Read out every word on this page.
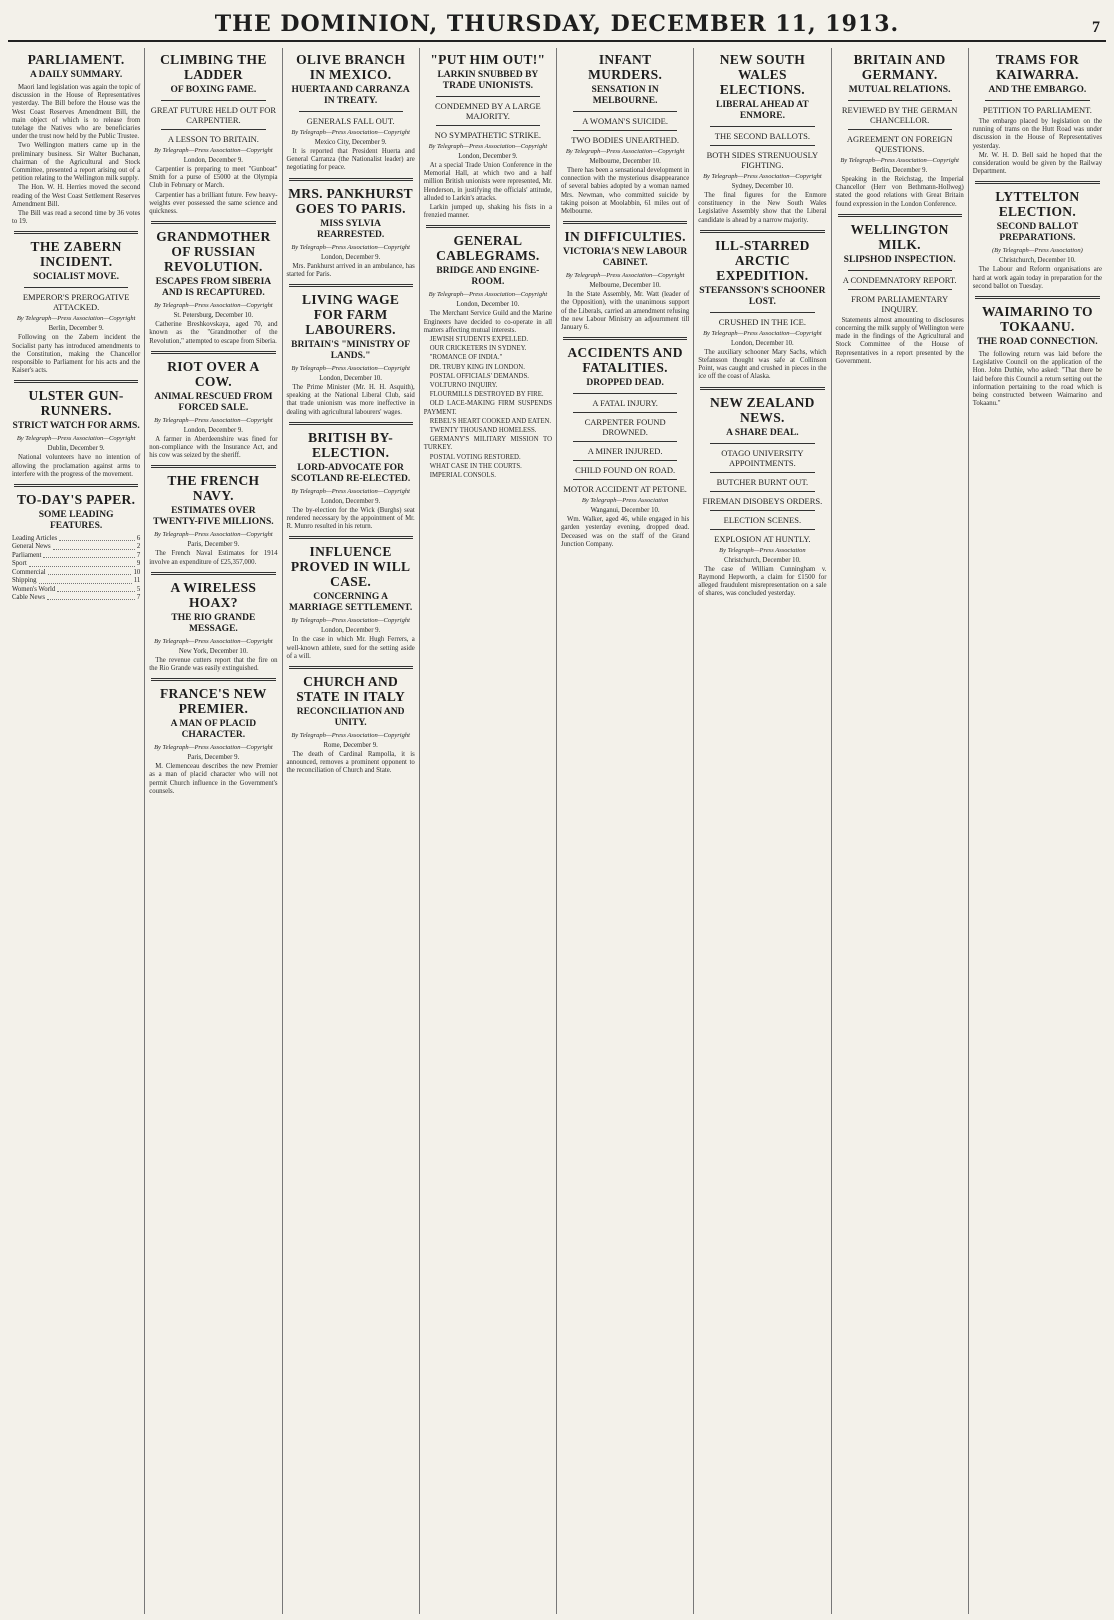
THE DOMINION, THURSDAY, DECEMBER 11, 1913.	7
PARLIAMENT.
A DAILY SUMMARY.

Maori land legislation was again the topic of discussion in the House of Representatives yesterday. The Bill before the House was the West Coast Reserves Amendment Bill, the main object of which is to release from tutelage the Natives who are beneficiaries under the trust now held by the Public Trustee.

Two Wellington matters came up in the preliminary business. Sir Walter Buchanan, chairman of the Agricultural and Stock Committee, presented a report arising out of a petition relating to the Wellington milk supply.

The Hon. W. H. Herries moved the second reading of the West Coast Settlement Reserves Amendment Bill.

The Bill was read a second time by 36 votes to 19.

THE ZABERN INCIDENT.
SOCIALIST MOVE.
EMPEROR'S PREROGATIVE ATTACKED.
By Telegraph—Press Association—Copyright
Berlin, December 9.

Following on the Zabern incident the Socialist party has introduced amendments to the Constitution, making the Chancellor responsible to Parliament for his acts and the Kaiser's acts.

ULSTER GUN-RUNNERS.
STRICT WATCH FOR ARMS.
By Telegraph—Press Association—Copyright
Dublin, December 9.

National volunteers have no intention of allowing the proclamation against arms to interfere with the progress of the movement.

TO-DAY'S PAPER.
SOME LEADING FEATURES.
Leading Articles	6
General News	2
Parliament	7
Sport	9
Commercial	10
Shipping	11
Women's World	5
Cable News	7
CLIMBING THE LADDER
OF BOXING FAME.
GREAT FUTURE HELD OUT FOR CARPENTIER.
A LESSON TO BRITAIN.
By Telegraph—Press Association—Copyright
London, December 9.

Carpentier is preparing to meet "Gunboat" Smith for a purse of £5000 at the Olympia Club in February or March.

Carpentier has a brilliant future. Few heavy-weights ever possessed the same science and quickness.

GRANDMOTHER OF RUSSIAN REVOLUTION.
ESCAPES FROM SIBERIA AND IS RECAPTURED.
By Telegraph—Press Association—Copyright
St. Petersburg, December 10.

Catherine Breshkovskaya, aged 70, and known as the "Grandmother of the Revolution," attempted to escape from Siberia.

RIOT OVER A COW.
ANIMAL RESCUED FROM FORCED SALE.
By Telegraph—Press Association—Copyright
London, December 9.

A farmer in Aberdeenshire was fined for non-compliance with the Insurance Act, and his cow was seized by the sheriff.

THE FRENCH NAVY.
ESTIMATES OVER TWENTY-FIVE MILLIONS.
By Telegraph—Press Association—Copyright
Paris, December 9.

The French Naval Estimates for 1914 involve an expenditure of £25,357,000.

A WIRELESS HOAX?
THE RIO GRANDE MESSAGE.
By Telegraph—Press Association—Copyright
New York, December 10.

The revenue cutters report that the fire on the Rio Grande was easily extinguished.

FRANCE'S NEW PREMIER.
A MAN OF PLACID CHARACTER.
By Telegraph—Press Association—Copyright
Paris, December 9.

M. Clemenceau describes the new Premier as a man of placid character who will not permit Church influence in the Government's counsels.

OLIVE BRANCH IN MEXICO.
HUERTA AND CARRANZA IN TREATY.
GENERALS FALL OUT.
By Telegraph—Press Association—Copyright
Mexico City, December 9.

It is reported that President Huerta and General Carranza (the Nationalist leader) are negotiating for peace.

MRS. PANKHURST GOES TO PARIS.
MISS SYLVIA REARRESTED.
By Telegraph—Press Association—Copyright
London, December 9.

Mrs. Pankhurst arrived in an ambulance, has started for Paris.

LIVING WAGE FOR FARM LABOURERS.
BRITAIN'S "MINISTRY OF LANDS."
By Telegraph—Press Association—Copyright
London, December 10.

The Prime Minister (Mr. H. H. Asquith), speaking at the National Liberal Club, said that trade unionism was more ineffective in dealing with agricultural labourers' wages.

BRITISH BY-ELECTION.
LORD-ADVOCATE FOR SCOTLAND RE-ELECTED.
By Telegraph—Press Association—Copyright
London, December 9.

The by-election for the Wick (Burghs) seat rendered necessary by the appointment of Mr. R. Munro resulted in his return.

INFLUENCE PROVED IN WILL CASE.
CONCERNING A MARRIAGE SETTLEMENT.
By Telegraph—Press Association—Copyright
London, December 9.

In the case in which Mr. Hugh Ferrers, a well-known athlete, sued for the setting aside of a will.

CHURCH AND STATE IN ITALY
RECONCILIATION AND UNITY.
By Telegraph—Press Association—Copyright
Rome, December 9.

The death of Cardinal Rampolla, it is announced, removes a prominent opponent to the reconciliation of Church and State.

"PUT HIM OUT!"
LARKIN SNUBBED BY TRADE UNIONISTS.
CONDEMNED BY A LARGE MAJORITY.
NO SYMPATHETIC STRIKE.
By Telegraph—Press Association—Copyright
London, December 9.

At a special Trade Union Conference in the Memorial Hall, at which two and a half million British unionists were represented, Mr. Henderson, in justifying the officials' attitude, alluded to Larkin's attacks.

Larkin jumped up, shaking his fists in a frenzied manner.

GENERAL CABLEGRAMS.
BRIDGE AND ENGINE-ROOM.
By Telegraph—Press Association—Copyright
London, December 10.

The Merchant Service Guild and the Marine Engineers have decided to co-operate in all matters affecting mutual interests.

JEWISH STUDENTS EXPELLED.

OUR CRICKETERS IN SYDNEY.

"ROMANCE OF INDIA."

DR. TRUBY KING IN LONDON.

POSTAL OFFICIALS' DEMANDS.

VOLTURNO INQUIRY.

FLOURMILLS DESTROYED BY FIRE.

OLD LACE-MAKING FIRM SUSPENDS PAYMENT.

REBEL'S HEART COOKED AND EATEN.

TWENTY THOUSAND HOMELESS.

GERMANY'S MILITARY MISSION TO TURKEY.

POSTAL VOTING RESTORED.

WHAT CASE IN THE COURTS.

IMPERIAL CONSOLS.

INFANT MURDERS.
SENSATION IN MELBOURNE.
A WOMAN'S SUICIDE.
TWO BODIES UNEARTHED.
By Telegraph—Press Association—Copyright
Melbourne, December 10.

There has been a sensational development in connection with the mysterious disappearance of several babies adopted by a woman named Mrs. Newman, who committed suicide by taking poison at Moolabbin, 61 miles out of Melbourne.

IN DIFFICULTIES.
VICTORIA'S NEW LABOUR CABINET.
By Telegraph—Press Association—Copyright
Melbourne, December 10.

In the State Assembly, Mr. Watt (leader of the Opposition), with the unanimous support of the Liberals, carried an amendment refusing the new Labour Ministry an adjournment till January 6.

ACCIDENTS AND FATALITIES.
DROPPED DEAD.
A FATAL INJURY.
CARPENTER FOUND DROWNED.
A MINER INJURED.
CHILD FOUND ON ROAD.
MOTOR ACCIDENT AT PETONE.
By Telegraph—Press Association
Wanganui, December 10.

Wm. Walker, aged 46, while engaged in his garden yesterday evening, dropped dead. Deceased was on the staff of the Grand Junction Company.

NEW SOUTH WALES ELECTIONS.
LIBERAL AHEAD AT ENMORE.
THE SECOND BALLOTS.
BOTH SIDES STRENUOUSLY FIGHTING.
By Telegraph—Press Association—Copyright
Sydney, December 10.

The final figures for the Enmore constituency in the New South Wales Legislative Assembly show that the Liberal candidate is ahead by a narrow majority.

ILL-STARRED ARCTIC EXPEDITION.
STEFANSSON'S SCHOONER LOST.
CRUSHED IN THE ICE.
By Telegraph—Press Association—Copyright
London, December 10.

The auxiliary schooner Mary Sachs, which Stefansson thought was safe at Collinson Point, was caught and crushed in pieces in the ice off the coast of Alaska.

NEW ZEALAND NEWS.
A SHARE DEAL.
OTAGO UNIVERSITY APPOINTMENTS.
BUTCHER BURNT OUT.
FIREMAN DISOBEYS ORDERS.
ELECTION SCENES.
EXPLOSION AT HUNTLY.
By Telegraph—Press Association
Christchurch, December 10.

The case of William Cunningham v. Raymond Hepworth, a claim for £1500 for alleged fraudulent misrepresentation on a sale of shares, was concluded yesterday.

BRITAIN AND GERMANY.
MUTUAL RELATIONS.
REVIEWED BY THE GERMAN CHANCELLOR.
AGREEMENT ON FOREIGN QUESTIONS.
By Telegraph—Press Association—Copyright
Berlin, December 9.

Speaking in the Reichstag, the Imperial Chancellor (Herr von Bethmann-Hollweg) stated the good relations with Great Britain found expression in the London Conference.

WELLINGTON MILK.
SLIPSHOD INSPECTION.
A CONDEMNATORY REPORT.
FROM PARLIAMENTARY INQUIRY.

Statements almost amounting to disclosures concerning the milk supply of Wellington were made in the findings of the Agricultural and Stock Committee of the House of Representatives in a report presented by the Government.

TRAMS FOR KAIWARRA.
AND THE EMBARGO.
PETITION TO PARLIAMENT.

The embargo placed by legislation on the running of trams on the Hutt Road was under discussion in the House of Representatives yesterday.

Mr. W. H. D. Bell said he hoped that the consideration would be given by the Railway Department.

LYTTELTON ELECTION.
SECOND BALLOT PREPARATIONS.
(By Telegraph—Press Association)
Christchurch, December 10.

The Labour and Reform organisations are hard at work again today in preparation for the second ballot on Tuesday.

WAIMARINO TO TOKAANU.
THE ROAD CONNECTION.

The following return was laid before the Legislative Council on the application of the Hon. John Duthie, who asked: "That there be laid before this Council a return setting out the information pertaining to the road which is being constructed between Waimarino and Tokaanu."
